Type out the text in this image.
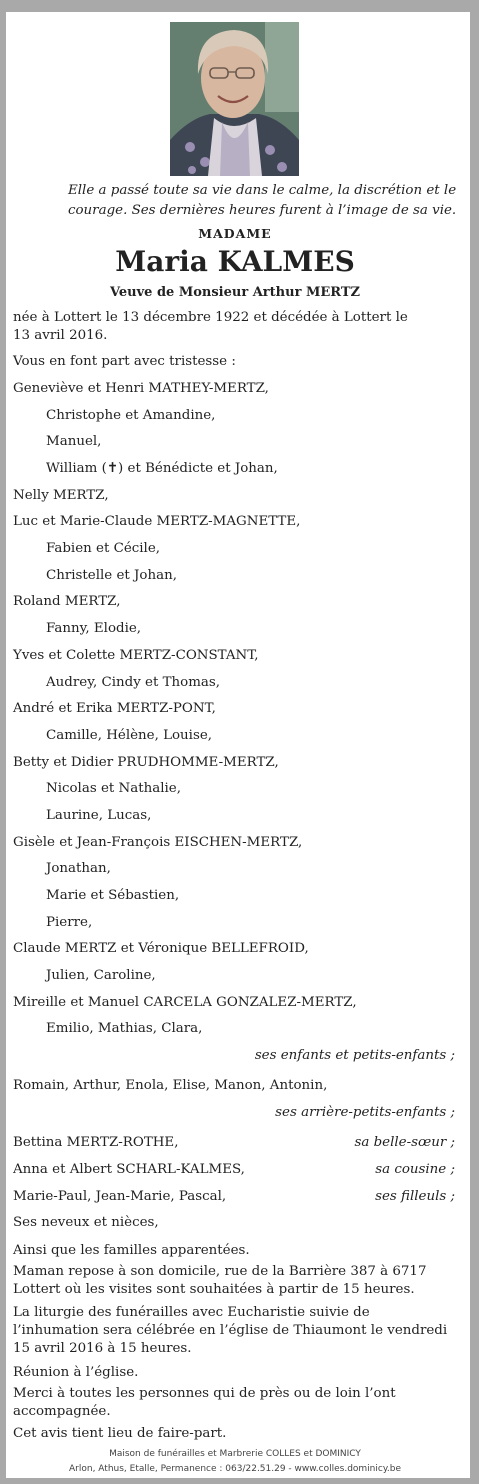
Elle a passé toute sa vie dans le calme, la discrétion et le courage. Ses dernières heures furent à l’image de sa vie.
MADAME
Maria KALMES
Veuve de Monsieur Arthur MERTZ
née à Lottert le 13 décembre 1922 et décédée à Lottert le
13 avril 2016.
Vous en font part avec tristesse :
Geneviève et Henri MATHEY-MERTZ,
Christophe et Amandine,
Manuel,
William (✝) et Bénédicte et Johan,
Nelly MERTZ,
Luc et Marie-Claude MERTZ-MAGNETTE,
Fabien et Cécile,
Christelle et Johan,
Roland MERTZ,
Fanny, Elodie,
Yves et Colette MERTZ-CONSTANT,
Audrey, Cindy et Thomas,
André et Erika MERTZ-PONT,
Camille, Hélène, Louise,
Betty et Didier PRUDHOMME-MERTZ,
Nicolas et Nathalie,
Laurine, Lucas,
Gisèle et Jean-François EISCHEN-MERTZ,
Jonathan,
Marie et Sébastien,
Pierre,
Claude MERTZ et Véronique BELLEFROID,
Julien, Caroline,
Mireille et Manuel CARCELA GONZALEZ-MERTZ,
Emilio, Mathias, Clara,
ses enfants et petits-enfants ;
Romain, Arthur, Enola, Elise, Manon, Antonin,
ses arrière-petits-enfants ;
Bettina MERTZ-ROTHE,	sa belle-sœur ;
Anna et Albert SCHARL-KALMES,	sa cousine ;
Marie-Paul, Jean-Marie, Pascal,	ses filleuls ;
Ses neveux et nièces,
Ainsi que les familles apparentées.
Maman repose à son domicile, rue de la Barrière 387 à 6717 Lottert où les visites sont souhaitées à partir de 15 heures.
La liturgie des funérailles avec Eucharistie suivie de l’inhumation sera célébrée en l’église de Thiaumont le vendredi 15 avril 2016 à 15 heures.
Réunion à l’église.
Merci à toutes les personnes qui de près ou de loin l’ont accompagnée.
Cet avis tient lieu de faire-part.
Maison de funérailles et Marbrerie COLLES et DOMINICY
Arlon, Athus, Etalle, Permanence : 063/22.51.29 - www.colles.dominicy.be
